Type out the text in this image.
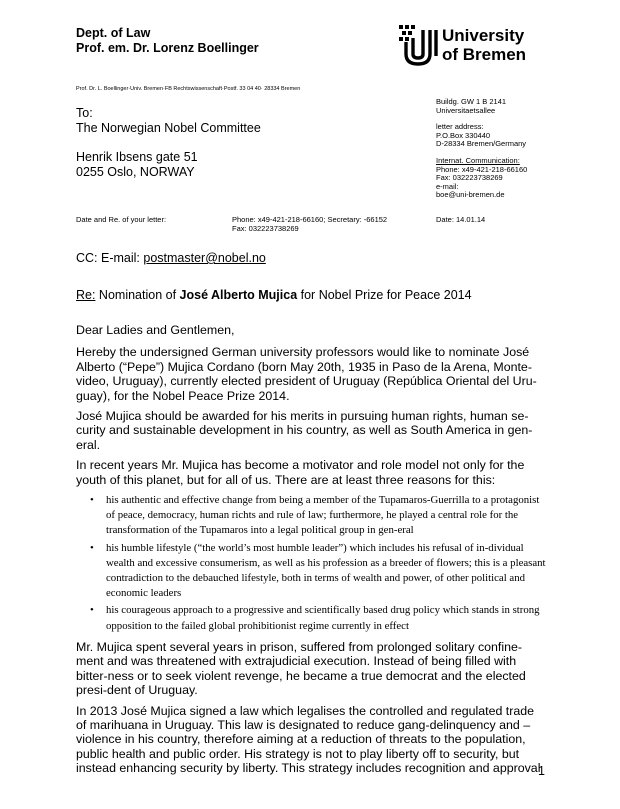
Dept. of Law
Prof. em. Dr. Lorenz Boellinger
University
of Bremen
Prof. Dr. L. Boellinger·Univ. Bremen·FB Rechtswissenschaft·Postf. 33 04 40· 28334 Bremen
Buildg. GW 1 B 2141
Universitaetsallee
letter address:
P.O.Box 330440
D-28334 Bremen/Germany
Internat. Communication:
Phone: x49-421-218-66160
Fax: 032223738269
e-mail:
boe@uni-bremen.de
To:
The Norwegian Nobel Committee
Henrik Ibsens gate 51
0255 Oslo, NORWAY
Date and Re. of your letter:	Phone: x49-421-218-66160; Secretary: -66152
Fax: 032223738269
Date: 14.01.14
CC: E-mail: postmaster@nobel.no
Re: Nomination of José Alberto Mujica for Nobel Prize for Peace 2014

Dear Ladies and Gentlemen,

Hereby the undersigned German university professors would like to nominate José Alberto (“Pepe”) Mujica Cordano (born May 20th, 1935 in Paso de la Arena, Monte-video, Uruguay), currently elected president of Uruguay (República Oriental del Uru-guay), for the Nobel Peace Prize 2014.

José Mujica should be awarded for his merits in pursuing human rights, human se-curity and sustainable development in his country, as well as South America in gen-eral.

In recent years Mr. Mujica has become a motivator and role model not only for the youth of this planet, but for all of us. There are at least three reasons for this:

• his authentic and effective change from being a member of the Tupamaros-Guerrilla to a protagonist of peace, democracy, human richts and rule of law; furthermore, he played a central role for the transformation of the Tupamaros into a legal political group in gen-eral
• his humble lifestyle (“the world’s most humble leader”) which includes his refusal of in-dividual wealth and excessive consumerism, as well as his profession as a breeder of flowers; this is a pleasant contradiction to the debauched lifestyle, both in terms of wealth and power, of other political and economic leaders
• his courageous approach to a progressive and scientifically based drug policy which stands in strong opposition to the failed global prohibitionist regime currently in effect

Mr. Mujica spent several years in prison, suffered from prolonged solitary confine-ment and was threatened with extrajudicial execution. Instead of being filled with bitter-ness or to seek violent revenge, he became a true democrat and the elected presi-dent of Uruguay.

In 2013 José Mujica signed a law which legalises the controlled and regulated trade of marihuana in Uruguay. This law is designated to reduce gang-delinquency and – violence in his country, therefore aiming at a reduction of threats to the population, public health and public order. His strategy is not to play liberty off to security, but instead enhancing security by liberty. This strategy includes recognition and approval

1
